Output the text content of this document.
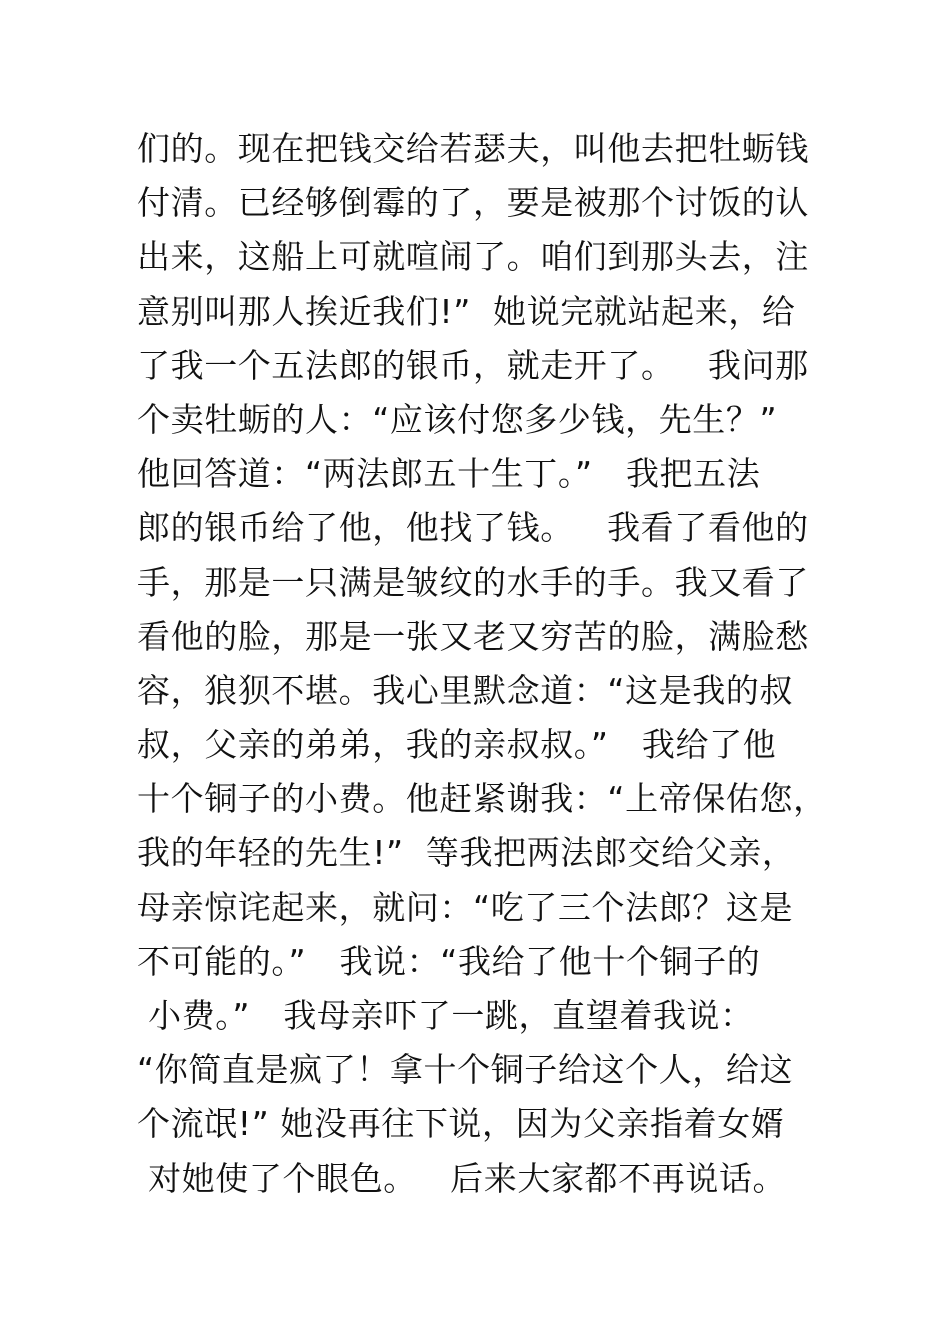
们的。现在把钱交给若瑟夫，叫他去把牡蛎钱
付清。已经够倒霉的了，要是被那个讨饭的认
出来，这船上可就喧闹了。咱们到那头去，注
意别叫那人挨近我们!”  她说完就站起来，给
了我一个五法郎的银币，就走开了。   我问那
个卖牡蛎的人：“应该付您多少钱，先生？”
他回答道：“两法郎五十生丁。”   我把五法
郎的银币给了他，他找了钱。   我看了看他的
手，那是一只满是皱纹的水手的手。我又看了
看他的脸，那是一张又老又穷苦的脸，满脸愁
容，狼狈不堪。我心里默念道：“这是我的叔
叔，父亲的弟弟，我的亲叔叔。”   我给了他
十个铜子的小费。他赶紧谢我：“上帝保佑您，
我的年轻的先生!”  等我把两法郎交给父亲，
母亲惊诧起来，就问：“吃了三个法郎？这是
不可能的。”   我说：“我给了他十个铜子的
小费。”   我母亲吓了一跳，直望着我说：
“你简直是疯了！拿十个铜子给这个人，给这
个流氓!” 她没再往下说，因为父亲指着女婿
对她使了个眼色。   后来大家都不再说话。
